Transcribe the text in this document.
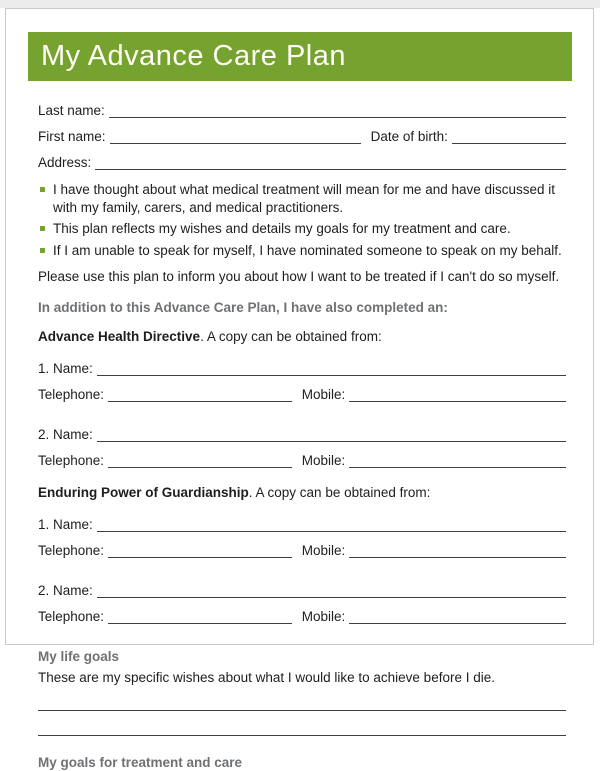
My Advance Care Plan
Last name:
First name:	Date of birth:
Address:
I have thought about what medical treatment will mean for me and have discussed it with my family, carers, and medical practitioners.
This plan reflects my wishes and details my goals for my treatment and care.
If I am unable to speak for myself, I have nominated someone to speak on my behalf.

Please use this plan to inform you about how I want to be treated if I can't do so myself.

In addition to this Advance Care Plan, I have also completed an:

Advance Health Directive. A copy can be obtained from:

1. Name:
Telephone:	Mobile:
2. Name:
Telephone:	Mobile:

Enduring Power of Guardianship. A copy can be obtained from:

1. Name:
Telephone:	Mobile:
2. Name:
Telephone:	Mobile:

My life goals

These are my specific wishes about what I would like to achieve before I die.

My goals for treatment and care
